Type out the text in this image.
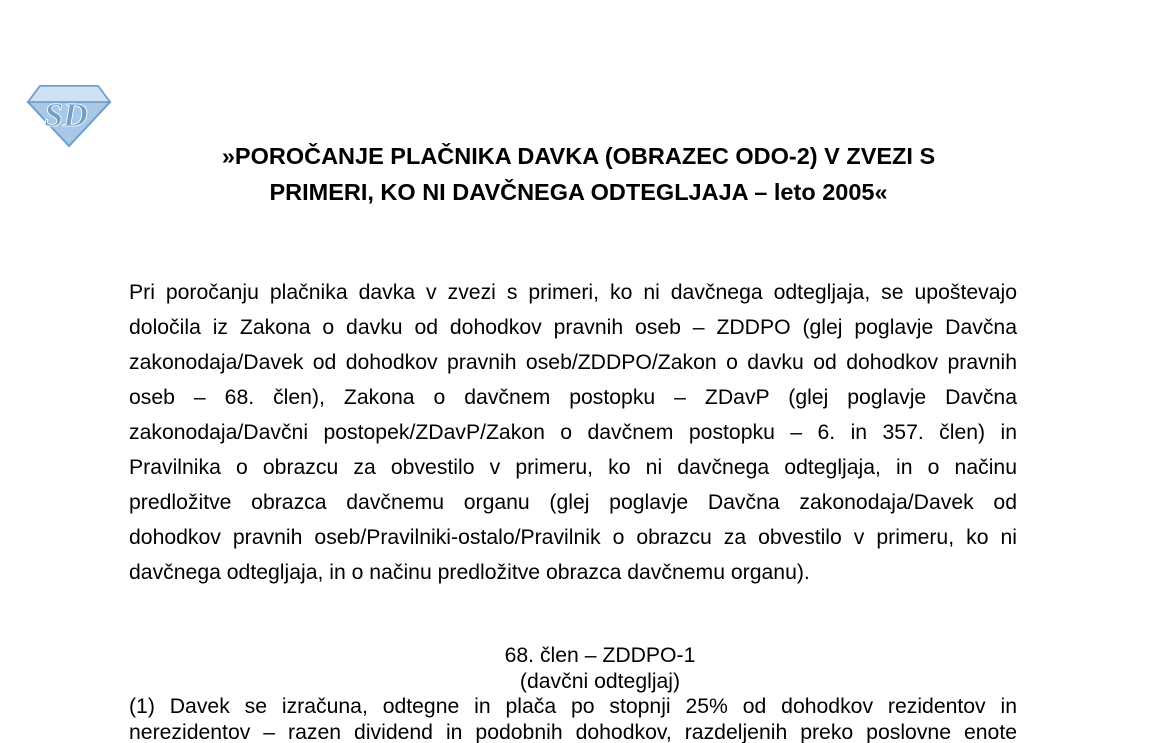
SD
»POROČANJE PLAČNIKA DAVKA (OBRAZEC ODO-2) V ZVEZI S
PRIMERI, KO NI DAVČNEGA ODTEGLJAJA – leto 2005«
Pri poročanju plačnika davka v zvezi s primeri, ko ni davčnega odtegljaja, se upoštevajo
določila iz Zakona o davku od dohodkov pravnih oseb – ZDDPO (glej poglavje Davčna
zakonodaja/Davek od dohodkov pravnih oseb/ZDDPO/Zakon o davku od dohodkov pravnih
oseb – 68. člen), Zakona o davčnem postopku – ZDavP (glej poglavje Davčna
zakonodaja/Davčni postopek/ZDavP/Zakon o davčnem postopku – 6. in 357. člen) in
Pravilnika o obrazcu za obvestilo v primeru, ko ni davčnega odtegljaja, in o načinu
predložitve obrazca davčnemu organu (glej poglavje Davčna zakonodaja/Davek od
dohodkov pravnih oseb/Pravilniki-ostalo/Pravilnik o obrazcu za obvestilo v primeru, ko ni
davčnega odtegljaja, in o načinu predložitve obrazca davčnemu organu).
68. člen – ZDDPO-1
(davčni odtegljaj)
(1) Davek se izračuna, odtegne in plača po stopnji 25% od dohodkov rezidentov in
nerezidentov – razen dividend in podobnih dohodkov, razdeljenih preko poslovne enote
